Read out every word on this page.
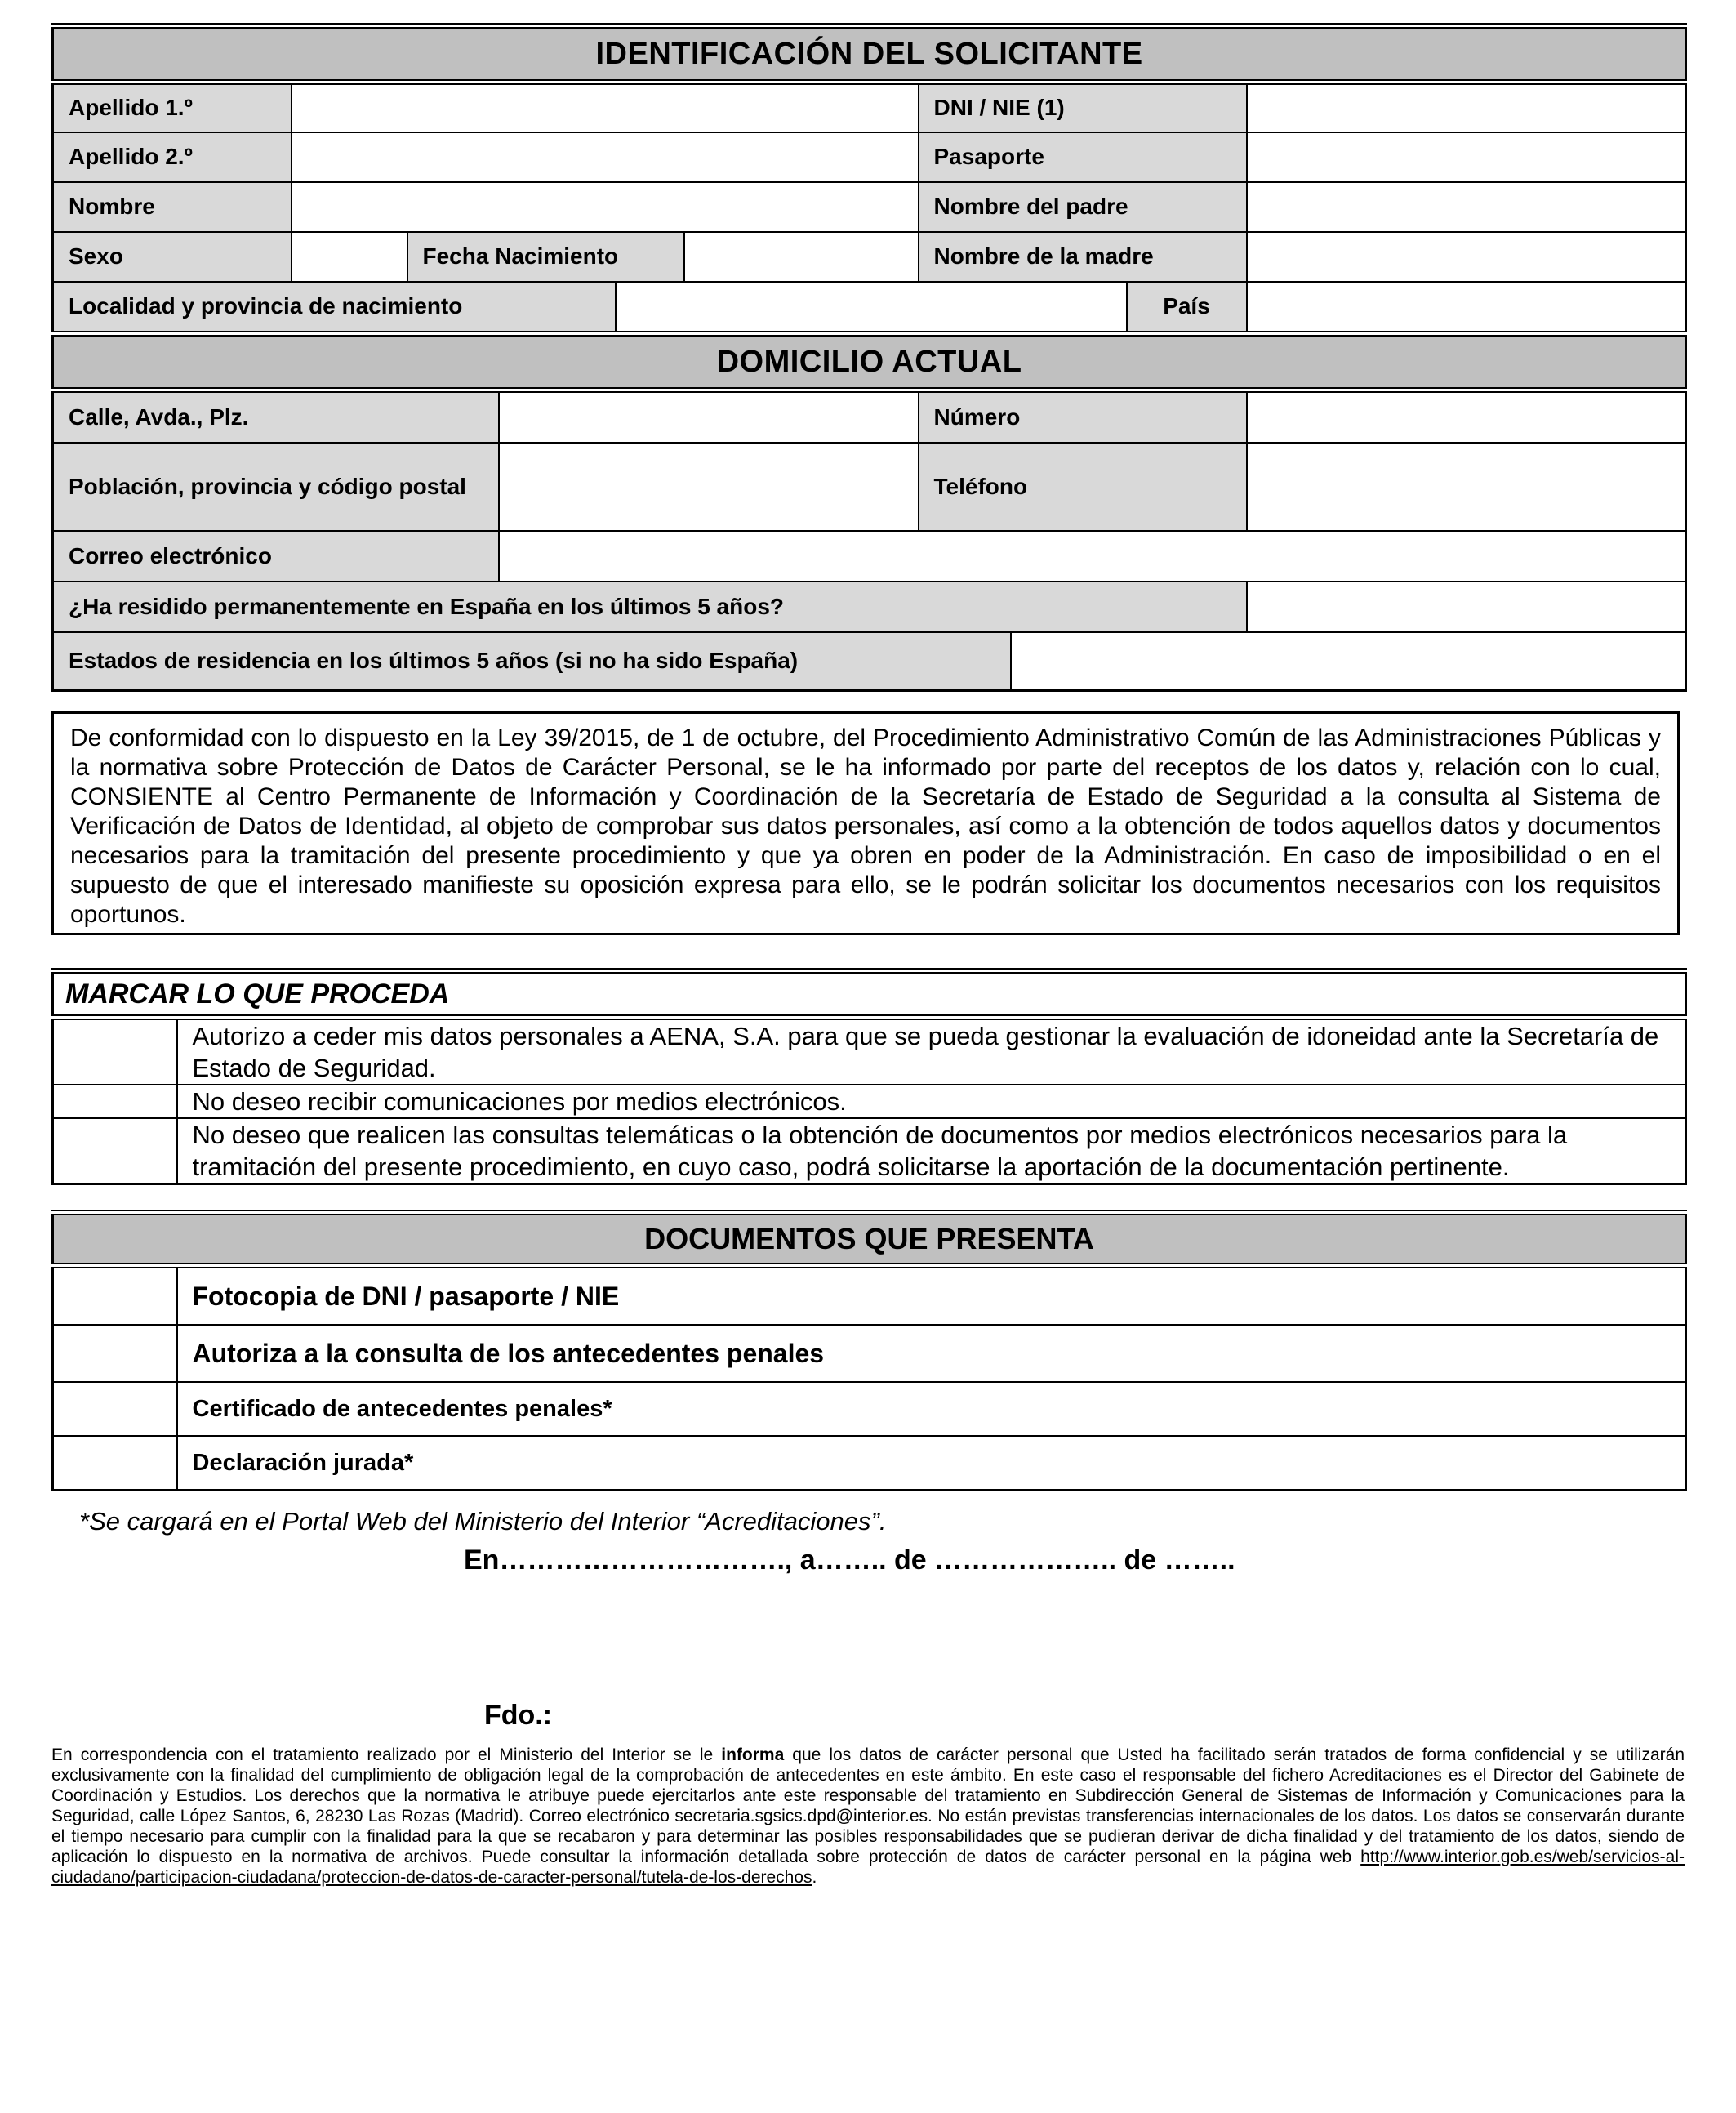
IDENTIFICACIÓN DEL SOLICITANTE									
Apellido 1.º						DNI / NIE (1)			
Apellido 2.º						Pasaporte			
Nombre						Nombre del padre			
Sexo		Fecha Nacimiento				Nombre de la madre			
Localidad y provincia de nacimiento								País	
DOMICILIO ACTUAL									
Calle, Avda., Plz.						Número			
Población, provincia y código postal						Teléfono			
Correo electrónico									
¿Ha residido permanentemente en España en los últimos 5 años?									
Estados de residencia en los últimos 5 años (si no ha sido España)									

De conformidad con lo dispuesto en la Ley 39/2015, de 1 de octubre, del Procedimiento Administrativo Común de las Administraciones Públicas y la normativa sobre Protección de Datos de Carácter Personal, se le ha informado por parte del receptos de los datos y, relación con lo cual, CONSIENTE al Centro Permanente de Información y Coordinación de la Secretaría de Estado de Seguridad a la consulta al Sistema de Verificación de Datos de Identidad, al objeto de comprobar sus datos personales, así como a la obtención de todos aquellos datos y documentos necesarios para la tramitación del presente procedimiento y que ya obren en poder de la Administración. En caso de imposibilidad o en el supuesto de que el interesado manifieste su oposición expresa para ello, se le podrán solicitar los documentos necesarios con los requisitos oportunos.

MARCAR LO QUE PROCEDA	
	Autorizo a ceder mis datos personales a AENA, S.A. para que se pueda gestionar la evaluación de idoneidad ante la Secretaría de Estado de Seguridad.
	No deseo recibir comunicaciones por medios electrónicos.
	No deseo que realicen las consultas telemáticas o la obtención de documentos por medios electrónicos necesarios para la tramitación del presente procedimiento, en cuyo caso, podrá solicitarse la aportación de la documentación pertinente.
DOCUMENTOS QUE PRESENTA	
	Fotocopia de DNI / pasaporte / NIE
	Autoriza a la consulta de los antecedentes penales
	Certificado de antecedentes penales*
	Declaración jurada*
*Se cargará en el Portal Web del Ministerio del Interior “Acreditaciones”.
En…………………………., a…….. de ……………….. de ……..
Fdo.:
En correspondencia con el tratamiento realizado por el Ministerio del Interior se le informa que los datos de carácter personal que Usted ha facilitado serán tratados de forma confidencial y se utilizarán exclusivamente con la finalidad del cumplimiento de obligación legal de la comprobación de antecedentes en este ámbito. En este caso el responsable del fichero Acreditaciones es el Director del Gabinete de Coordinación y Estudios. Los derechos que la normativa le atribuye puede ejercitarlos ante este responsable del tratamiento en Subdirección General de Sistemas de Información y Comunicaciones para la Seguridad, calle López Santos, 6, 28230 Las Rozas (Madrid). Correo electrónico secretaria.sgsics.dpd@interior.es. No están previstas transferencias internacionales de los datos. Los datos se conservarán durante el tiempo necesario para cumplir con la finalidad para la que se recabaron y para determinar las posibles responsabilidades que se pudieran derivar de dicha finalidad y del tratamiento de los datos, siendo de aplicación lo dispuesto en la normativa de archivos. Puede consultar la información detallada sobre protección de datos de carácter personal en la página web http://www.interior.gob.es/web/servicios-al-ciudadano/participacion-ciudadana/proteccion-de-datos-de-caracter-personal/tutela-de-los-derechos.
